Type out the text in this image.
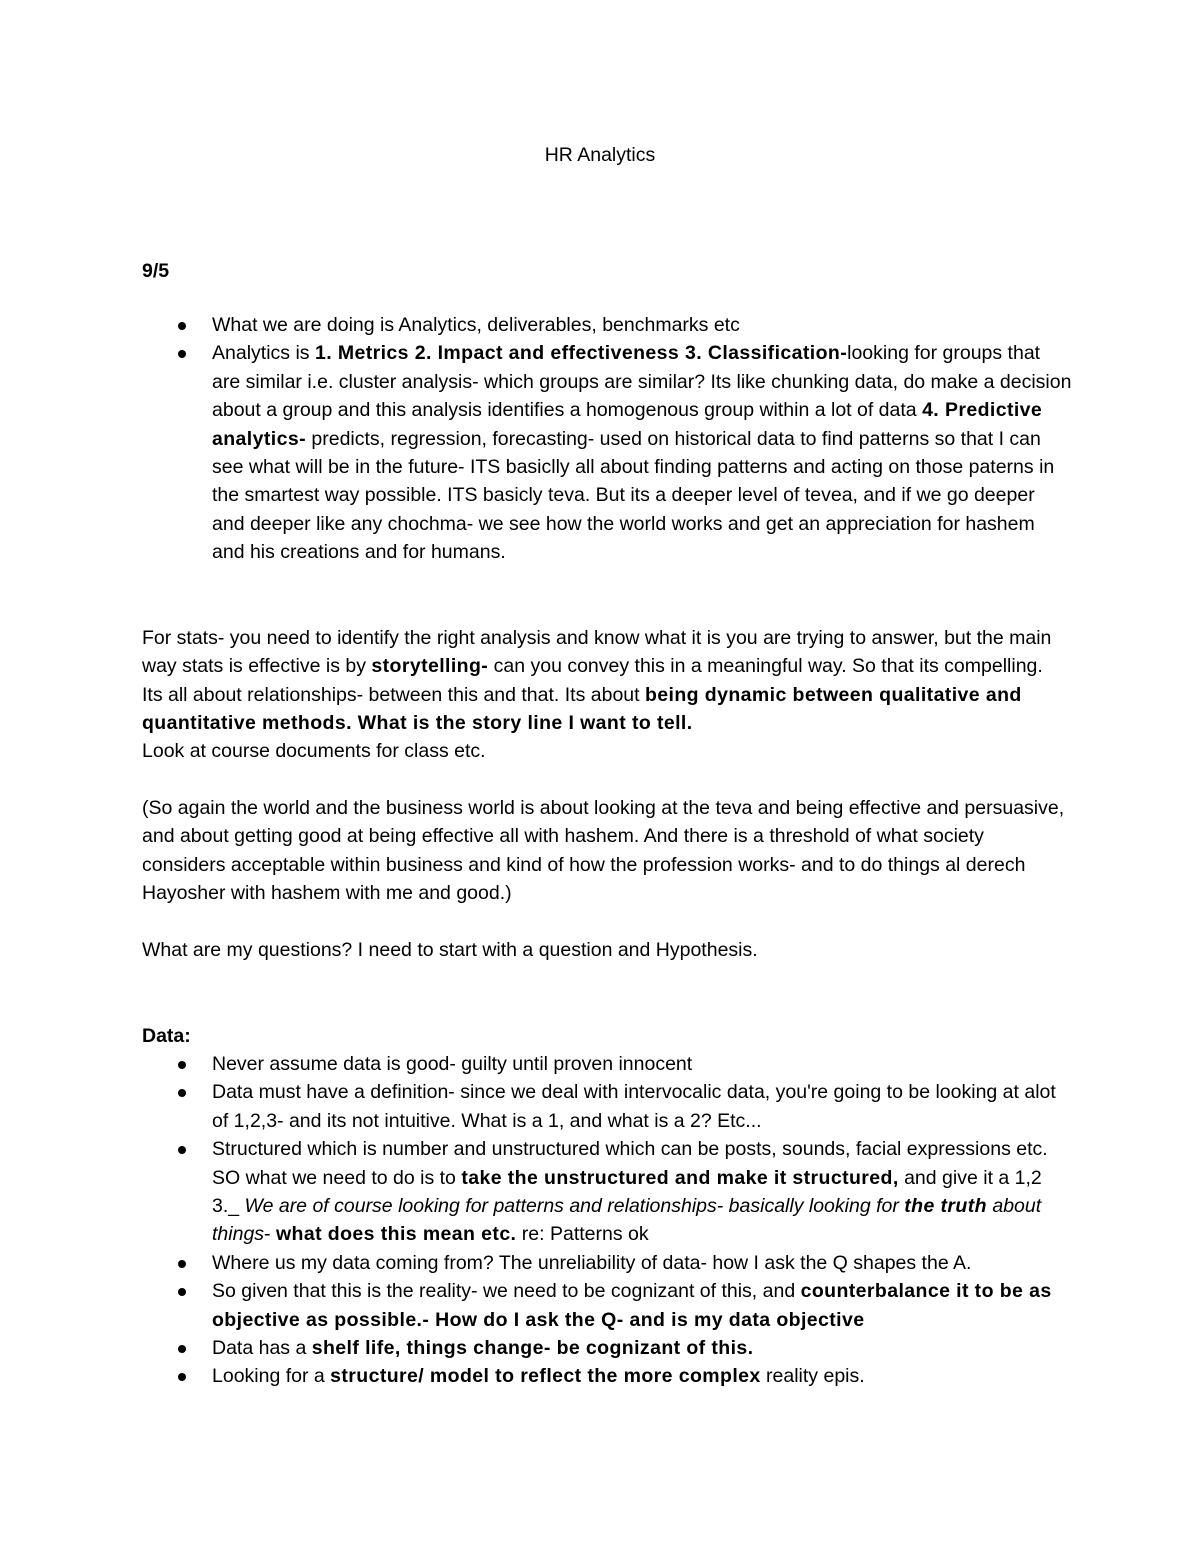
HR Analytics
9/5
What we are doing is Analytics, deliverables, benchmarks etc
Analytics is 1. Metrics 2. Impact and effectiveness 3. Classification-looking for groups that are similar i.e. cluster analysis- which groups are similar? Its like chunking data, do make a decision about a group and this analysis identifies a homogenous group within a lot of data 4. Predictive analytics- predicts, regression, forecasting- used on historical data to find patterns so that I can see what will be in the future- ITS basiclly all about finding patterns and acting on those paterns in the smartest way possible. ITS basicly teva. But its a deeper level of tevea, and if we go deeper and deeper like any chochma- we see how the world works and get an appreciation for hashem and his creations and for humans.

For stats- you need to identify the right analysis and know what it is you are trying to answer, but the main way stats is effective is by storytelling- can you convey this in a meaningful way. So that its compelling. Its all about relationships- between this and that. Its about being dynamic between qualitative and quantitative methods. What is the story line I want to tell.

Look at course documents for class etc.

(So again the world and the business world is about looking at the teva and being effective and persuasive, and about getting good at being effective all with hashem. And there is a threshold of what society considers acceptable within business and kind of how the profession works- and to do things al derech Hayosher with hashem with me and good.)

What are my questions? I need to start with a question and Hypothesis.

Data:
Never assume data is good- guilty until proven innocent
Data must have a definition- since we deal with intervocalic data, you're going to be looking at alot of 1,2,3- and its not intuitive. What is a 1, and what is a 2? Etc...
Structured which is number and unstructured which can be posts, sounds, facial expressions etc. SO what we need to do is to take the unstructured and make it structured, and give it a 1,2 3._ We are of course looking for patterns and relationships- basically looking for the truth about things- what does this mean etc. re: Patterns ok
Where us my data coming from? The unreliability of data- how I ask the Q shapes the A.
So given that this is the reality- we need to be cognizant of this, and counterbalance it to be as objective as possible.- How do I ask the Q- and is my data objective
Data has a shelf life, things change- be cognizant of this.
Looking for a structure/ model to reflect the more complex reality epis.
